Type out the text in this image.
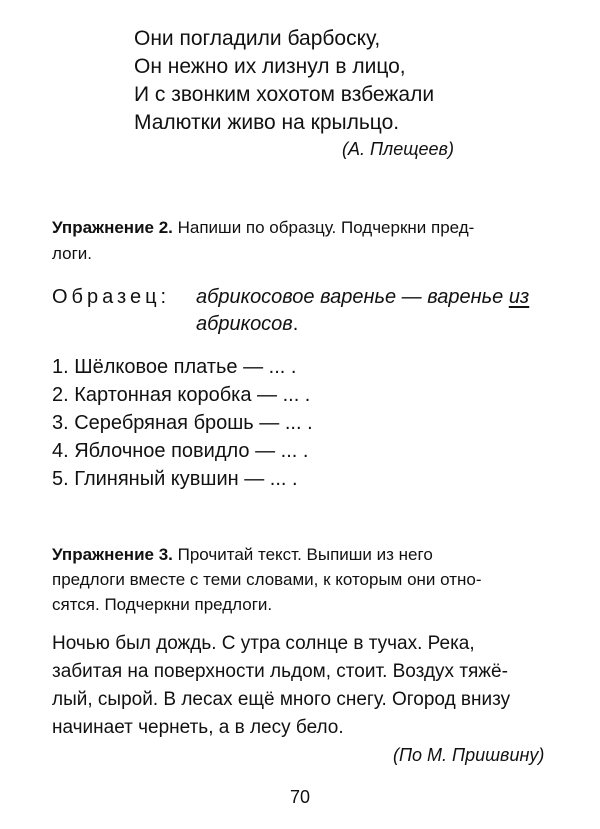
Они погладили барбоску,
Он нежно их лизнул в лицо,
И с звонким хохотом взбежали
Малютки живо на крыльцо.
(А. Плещеев)
Упражнение 2. Напиши по образцу. Подчеркни пред-
логи.
Образец: абрикосовое варенье — варенье из
абрикосов.
1. Шёлковое платье — ... .
2. Картонная коробка — ... .
3. Серебряная брошь — ... .
4. Яблочное повидло — ... .
5. Глиняный кувшин — ... .
Упражнение 3. Прочитай текст. Выпиши из него
предлоги вместе с теми словами, к которым они отно-
сятся. Подчеркни предлоги.
Ночью был дождь. С утра солнце в тучах. Река,
забитая на поверхности льдом, стоит. Воздух тяжё-
лый, сырой. В лесах ещё много снегу. Огород внизу
начинает чернеть, а в лесу бело.
(По М. Пришвину)
70
